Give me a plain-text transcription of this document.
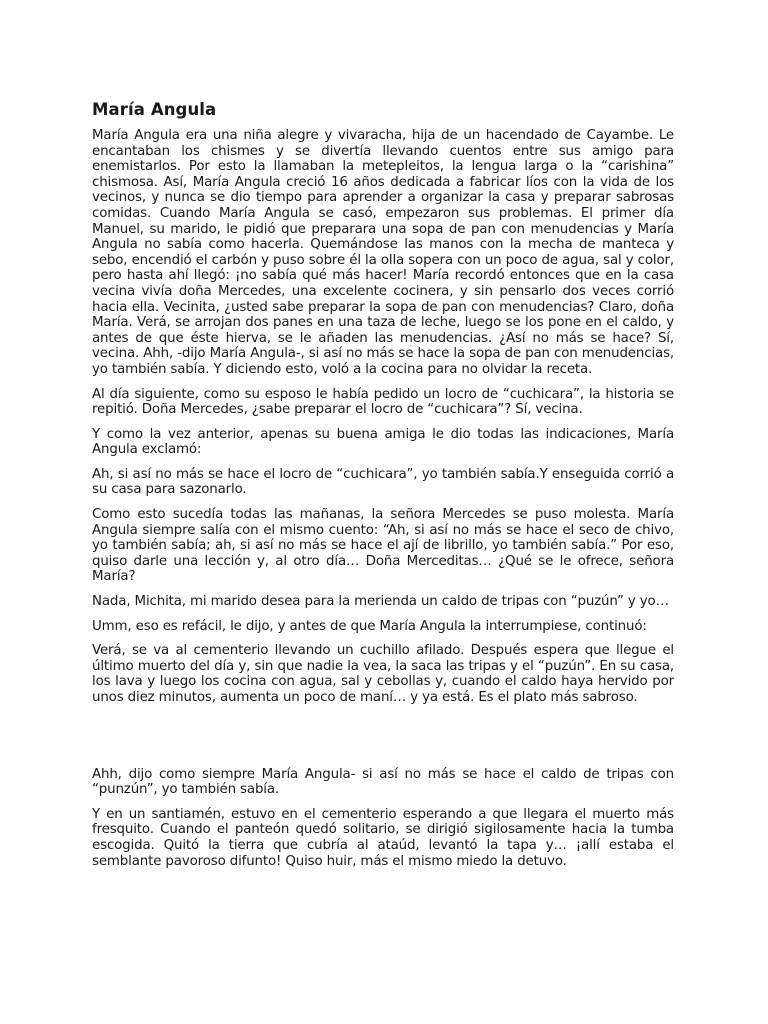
María Angula

María Angula era una niña alegre y vivaracha, hija de un hacendado de Cayambe. Le encantaban los chismes y se divertía llevando cuentos entre sus amigo para enemistarlos. Por esto la llamaban la metepleitos, la lengua larga o la “carishina” chismosa. Así, María Angula creció 16 años dedicada a fabricar líos con la vida de los vecinos, y nunca se dio tiempo para aprender a organizar la casa y preparar sabrosas comidas. Cuando María Angula se casó, empezaron sus problemas. El primer día Manuel, su marido, le pidió que preparara una sopa de pan con menudencias y María Angula no sabía como hacerla. Quemándose las manos con la mecha de manteca y sebo, encendió el carbón y puso sobre él la olla sopera con un poco de agua, sal y color, pero hasta ahí llegó: ¡no sabía qué más hacer! María recordó entonces que en la casa vecina vivía doña Mercedes, una excelente cocinera, y sin pensarlo dos veces corrió hacia ella. Vecinita, ¿usted sabe preparar la sopa de pan con menudencias? Claro, doña María. Verá, se arrojan dos panes en una taza de leche, luego se los pone en el caldo, y antes de que éste hierva, se le añaden las menudencias. ¿Así no más se hace? Sí, vecina. Ahh, -dijo María Angula-, si así no más se hace la sopa de pan con menudencias, yo también sabía. Y diciendo esto, voló a la cocina para no olvidar la receta.

Al día siguiente, como su esposo le había pedido un locro de “cuchicara”, la historia se repitió. Doña Mercedes, ¿sabe preparar el locro de “cuchicara”? Sí, vecina.

Y como la vez anterior, apenas su buena amiga le dio todas las indicaciones, María Angula exclamó:

Ah, si así no más se hace el locro de “cuchicara”, yo también sabía.Y enseguida corrió a su casa para sazonarlo.

Como esto sucedía todas las mañanas, la señora Mercedes se puso molesta. María Angula siempre salía con el mismo cuento: “Ah, si así no más se hace el seco de chivo, yo también sabía; ah, si así no más se hace el ají de librillo, yo también sabía.” Por eso, quiso darle una lección y, al otro día… Doña Merceditas… ¿Qué se le ofrece, señora María?

Nada, Michita, mi marido desea para la merienda un caldo de tripas con “puzún” y yo…

Umm, eso es refácil, le dijo, y antes de que María Angula la interrumpiese, continuó:

Verá, se va al cementerio llevando un cuchillo afilado. Después espera que llegue el último muerto del día y, sin que nadie la vea, la saca las tripas y el “puzún”. En su casa, los lava y luego los cocina con agua, sal y cebollas y, cuando el caldo haya hervido por unos diez minutos, aumenta un poco de maní… y ya está. Es el plato más sabroso.

Ahh, dijo como siempre María Angula- si así no más se hace el caldo de tripas con “punzún”, yo también sabía.

Y en un santiamén, estuvo en el cementerio esperando a que llegara el muerto más fresquito. Cuando el panteón quedó solitario, se dirigió sigilosamente hacia la tumba escogida. Quitó la tierra que cubría al ataúd, levantó la tapa y… ¡allí estaba el semblante pavoroso difunto! Quiso huir, más el mismo miedo la detuvo.
